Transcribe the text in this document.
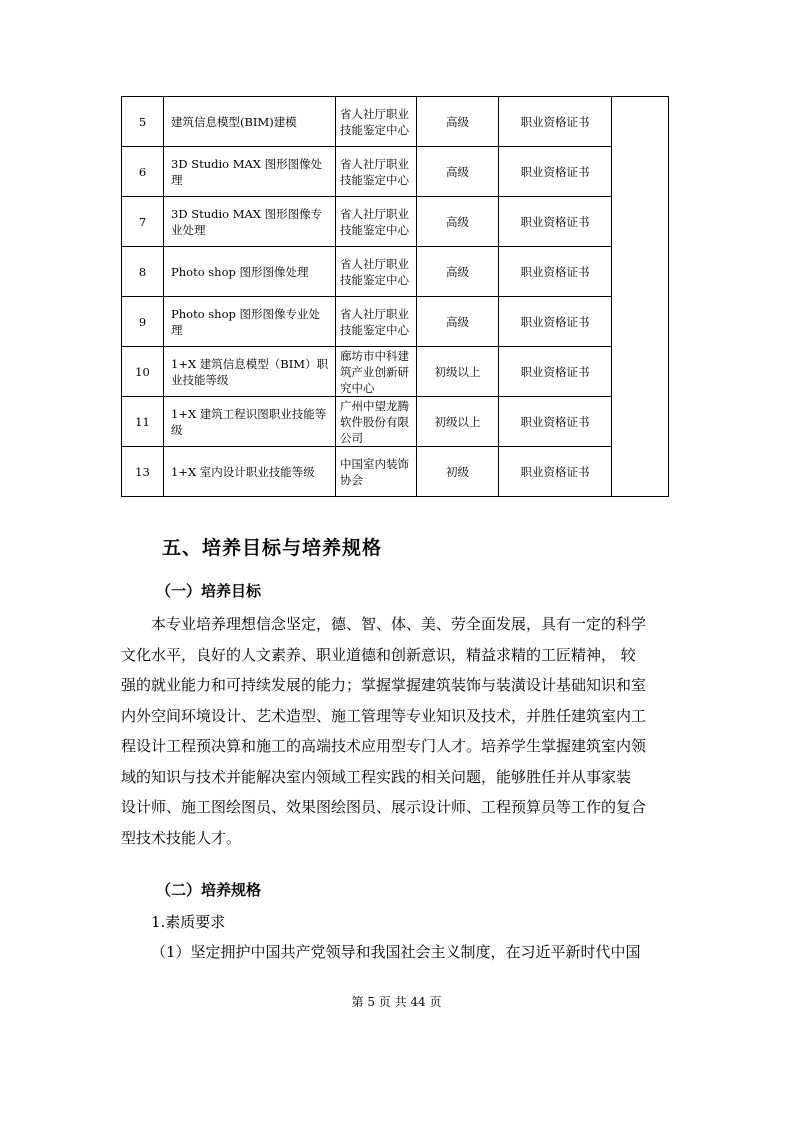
5	建筑信息模型(BIM)建模	省人社厅职业技能鉴定中心	高级	职业资格证书	
6	3D Studio MAX 图形图像处理	省人社厅职业技能鉴定中心	高级	职业资格证书	
7	3D Studio MAX 图形图像专业处理	省人社厅职业技能鉴定中心	高级	职业资格证书	
8	Photo shop 图形图像处理	省人社厅职业技能鉴定中心	高级	职业资格证书	
9	Photo shop 图形图像专业处理	省人社厅职业技能鉴定中心	高级	职业资格证书	
10	1+X 建筑信息模型（BIM）职业技能等级	廊坊市中科建筑产业创新研究中心	初级以上	职业资格证书	
11	1+X 建筑工程识图职业技能等级	广州中望龙腾软件股份有限公司	初级以上	职业资格证书	
13	1+X 室内设计职业技能等级	中国室内装饰协会	初级	职业资格证书	
五、培养目标与培养规格
（一）培养目标

本专业培养理想信念坚定，德、智、体、美、劳全面发展，具有一定的科学

文化水平，良好的人文素养、职业道德和创新意识，精益求精的工匠精神， 较

强的就业能力和可持续发展的能力；掌握掌握建筑装饰与装潢设计基础知识和室

内外空间环境设计、艺术造型、施工管理等专业知识及技术，并胜任建筑室内工

程设计工程预决算和施工的高端技术应用型专门人才。培养学生掌握建筑室内领

域的知识与技术并能解决室内领域工程实践的相关问题，能够胜任并从事家装

设计师、施工图绘图员、效果图绘图员、展示设计师、工程预算员等工作的复合

型技术技能人才。

（二）培养规格

1.素质要求

（1）坚定拥护中国共产党领导和我国社会主义制度，在习近平新时代中国

第 5 页 共 44 页
